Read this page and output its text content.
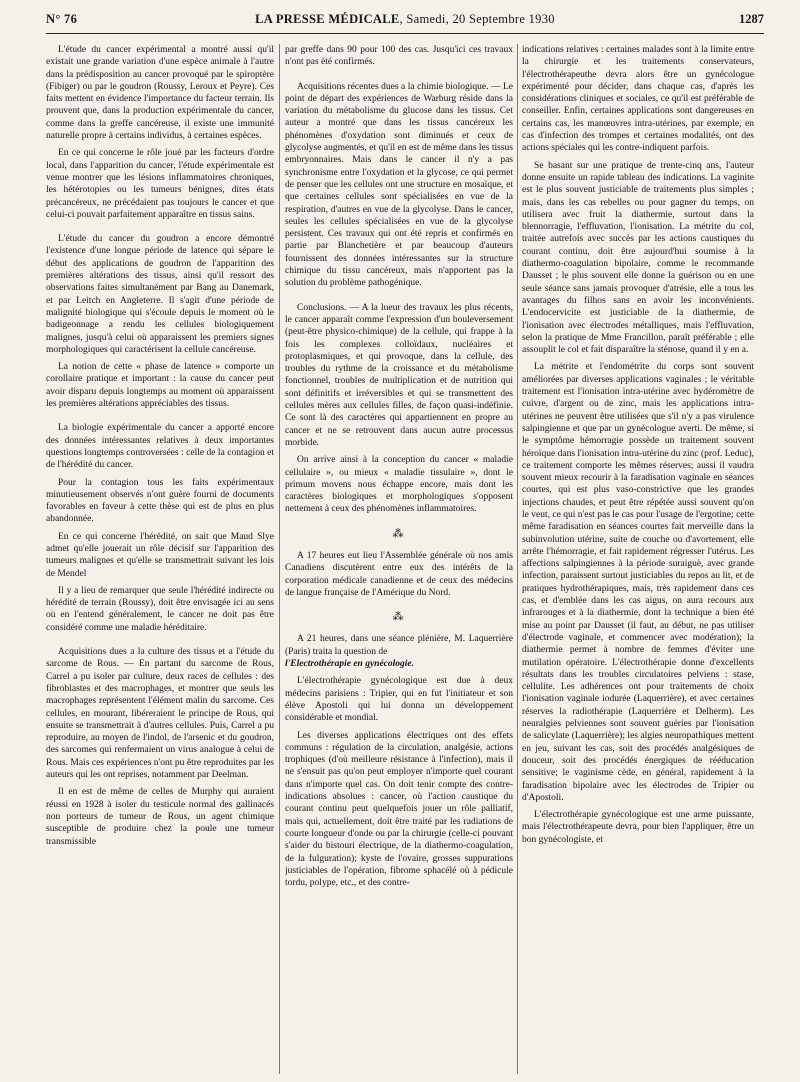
N° 76	LA PRESSE MÉDICALE, Samedi, 20 Septembre 1930	1287

L'étude du cancer expérimental a montré aussi qu'il existait une grande variation d'une espèce animale à l'autre dans la prédisposition au cancer provoqué par le spiroptère (Fibiger) ou par le goudron (Roussy, Leroux et Peyre). Ces faits mettent en évidence l'importance du facteur terrain. Ils prouvent que, dans la production expérimentale du cancer, comme dans la greffe cancéreuse, il existe une immunité naturelle propre à certains individus, à certaines espèces.

En ce qui concerne le rôle joué par les facteurs d'ordre local, dans l'apparition du cancer, l'étude expérimentale est venue montrer que les lésions inflammatoires chroniques, les hétérotopies ou les tumeurs bénignes, dites états précancéreux, ne précédaient pas toujours le cancer et que celui-ci pouvait parfaitement apparaître en tissus sains.

L'étude du cancer du goudron a encore démontré l'existence d'une longue période de latence qui sépare le début des applications de goudron de l'apparition des premières altérations des tissus, ainsi qu'il ressort des observations faites simultanément par Bang au Danemark, et par Leitch en Angleterre. Il s'agit d'une période de malignité biologique qui s'écoule depuis le moment où le badigeonnage a rendu les cellules biologiquement malignes, jusqu'à celui où apparaissent les premiers signes morphologiques qui caractérisent la cellule cancéreuse.

La notion de cette « phase de latence » comporte un corollaire pratique et important : la cause du cancer peut avoir disparu depuis longtemps au moment où apparaissent les premières altérations appréciables des tissus.

La biologie expérimentale du cancer a apporté encore des données intéressantes relatives à deux importantes questions longtemps controversées : celle de la contagion et de l'hérédité du cancer.

Pour la contagion tous les faits expérimentaux minutieusement observés n'ont guère fourni de documents favorables en faveur à cette thèse qui est de plus en plus abandonnée.

En ce qui concerne l'hérédité, on sait que Maud Slye admet qu'elle jouerait un rôle décisif sur l'apparition des tumeurs malignes et qu'elle se transmettrait suivant les lois de Mendel

Il y a lieu de remarquer que seule l'hérédité indirecte ou hérédité de terrain (Roussy), doit être envisagée ici au sens où en l'entend généralement, le cancer ne doit pas être considéré comme une maladie héréditaire.

Acquisitions dues a la culture des tissus et a l'étude du sarcome de Rous. — En partant du sarcome de Rous, Carrel a pu isoler par culture, deux races de cellules : des fibroblastes et des macrophages, et montrer que seuls les macrophages représentent l'élément malin du sarcome. Ces cellules, en mourant, libéreraient le principe de Rous, qui ensuite se transmettrait à d'autres cellules. Puis, Carrel a pu reproduire, au moyen de l'indol, de l'arsenic et du goudron, des sarcomes qui renfermaient un virus analogue à celui de Rous. Mais ces expériences n'ont pu être reproduites par les auteurs qui les ont reprises, notamment par Deelman.

Il en est de même de celles de Murphy qui auraient réussi en 1928 à isoler du testicule normal des gallinacés non porteurs de tumeur de Rous, un agent chimique susceptible de produire chez la poule une tumeur transmissible

par greffe dans 90 pour 100 des cas. Jusqu'ici ces travaux n'ont pas été confirmés.

Acquisitions récentes dues a la chimie biologique. — Le point de départ des expériences de Warburg réside dans la variation du métabolisme du glucose dans les tissus. Cet auteur a montré que dans les tissus cancéreux les phénomènes d'oxydation sont diminués et ceux de glycolyse augmentés, et qu'il en est de même dans les tissus embryonnaires. Mais dans le cancer il n'y a pas synchronisme entre l'oxydation et la glycose, ce qui permet de penser que les cellules ont une structure en mosaïque, et que certaines cellules sont spécialisées en vue de la respiration, d'autres en vue de la glycolyse. Dans le cancer, seules les cellules spécialisées en vue de la glycolyse persistent. Ces travaux qui ont été repris et confirmés en partie par Blanchetière et par beaucoup d'auteurs fournissent des données intéressantes sur la structure chimique du tissu cancéreux, mais n'apportent pas la solution du problème pathogénique.

Conclusions. — A la lueur des travaux les plus récents, le cancer apparaît comme l'expression d'un bouleversement (peut-être physico-chimique) de la cellule, qui frappe à la fois les complexes colloïdaux, nucléaires et protoplasmiques, et qui provoque, dans la cellule, des troubles du rythme de la croissance et du métabolisme fonctionnel, troubles de multiplication et de nutrition qui sont définitifs et irréversibles et qui se transmettent des cellules mères aux cellules filles, de façon quasi-indéfinie. Ce sont là des caractères qui appartiennent en propre au cancer et ne se retrouvent dans aucun autre processus morbide.

On arrive ainsi à la conception du cancer « maladie cellulaire », ou mieux « maladie tissulaire », dont le primum movens nous échappe encore, mais dont les caractères biologiques et morphologiques s'opposent nettement à ceux des phénomènes inflammatoires.

⁂

A 17 heures eut lieu l'Assemblée générale où nos amis Canadiens discutèrent entre eux des intérêts de la corporation médicale canadienne et de ceux des médecins de langue française de l'Amérique du Nord.

⁂

A 21 heures, dans une séance plénière, M. Laquerrière (Paris) traita la question de

l'Electrothérapie en gynécologie.

L'électrothérapie gynécologique est due à deux médecins parisiens : Tripier, qui en fut l'initiateur et son élève Apostoli qui lui donna un développement considérable et mondial.

Les diverses applications électriques ont des effets communs : régulation de la circulation, analgésie, actions trophiques (d'où meilleure résistance à l'infection), mais il ne s'ensuit pas qu'on peut employer n'importe quel courant dans n'importe quel cas. On doit tenir compte des contre-indications absolues : cancer, où l'action caustique du courant continu peut quelquefois jouer un rôle palliatif, mais qui, actuellement, doit être traité par les radiations de courte longueur d'onde ou par la chirurgie (celle-ci pouvant s'aider du bistouri électrique, de la diathermo-coagulation, de la fulguration); kyste de l'ovaire, grosses suppurations justiciables de l'opération, fibrome sphacélé où à pédicule tordu, polype, etc., et des contre-

indications relatives : certaines malades sont à la limite entre la chirurgie et les traitements conservateurs, l'électrothérapeuthe devra alors être un gynécologue expérimenté pour décider, dans chaque cas, d'après les considérations cliniques et sociales, ce qu'il est préférable de conseiller. Enfin, certaines applications sont dangereuses en certains cas, les manœuvres intra-utérines, par exemple, en cas d'infection des trompes et certaines modalités, ont des actions spéciales qui les contre-indiquent parfois.

Se basant sur une pratique de trente-cinq ans, l'auteur donne ensuite un rapide tableau des indications. La vaginite est le plus souvent justiciable de traitements plus simples ; mais, dans les cas rebelles ou pour gagner du temps, on utilisera avec fruit la diathermie, surtout dans la blennorragie, l'effluvation, l'ionisation. La métrite du col, traitée autrefois avec succès par les actions caustiques du courant continu, doit être aujourd'hui soumise à la diathermo-coagulation bipolaire, comme le recommande Dausset ; le plus souvent elle donne la guérison ou en une seule séance sans jamais provoquer d'atrésie, elle a tous les avantages du filhos sans en avoir les inconvénients. L'endocervicite est justiciable de la diathermie, de l'ionisation avec électrodes métalliques, mais l'effluvation, selon la pratique de Mme Francillon, paraît préférable ; elle assouplit le col et fait disparaître la sténose, quand il y en a.

La métrite et l'endométrite du corps sont souvent améliorées par diverses applications vaginales ; le véritable traitement est l'ionisation intra-utérine avec hydéromètre de cuivre, d'argent ou de zinc, mais les applications intra-utérines ne peuvent être utilisées que s'il n'y a pas virulence salpingienne et que par un gynécologue averti. De même, si le symptôme hémorragie possède un traitement souvent héroïque dans l'ionisation intra-utérine du zinc (prof. Leduc), ce traitement comporte les mêmes réserves; aussi il vaudra souvent mieux recourir à la faradisation vaginale en séances courtes, qui est plus vaso-constrictive que les grandes injections chaudes, et peut être répétée aussi souvent qu'on le veut, ce qui n'est pas le cas pour l'usage de l'ergotine; cette même faradisation en séances courtes fait merveille dans la subinvolution utérine, suite de couche ou d'avortement, elle arrête l'hémorragie, et fait rapidement régresser l'utérus. Les affections salpingiennes à la période suraiguë, avec grande infection, paraissent surtout justiciables du repos au lit, et de pratiques hydrothérapiques, mais, très rapidement dans ces cas, et d'emblée dans les cas aigus, on aura recours aux infrarouges et à la diathermie, dont la technique a bien été mise au point par Dausset (il faut, au début, ne pas utiliser d'électrode vaginale, et commencer avec modération); la diathermie permet à nombre de femmes d'éviter une mutilation opératoire. L'électrothérapie donne d'excellents résultats dans les troubles circulatoires pelviens : stase, cellulite. Les adhérences ont pour traitements de choix l'ionisation vaginale iodurée (Laquerrière), et avec certaines réserves la radiothérapie (Laquerrière et Delherm). Les neuralgies pelviennes sont souvent guéries par l'ionisation de salicylate (Laquerrière); les algies neuropathiques mettent en jeu, suivant les cas, soit des procédés analgésiques de douceur, soit des procédés énergiques de rééducation sensitive; le vaginisme cède, en général, rapidement à la faradisation bipolaire avec les électrodes de Tripier ou d'Apostoli.

L'électrothérapie gynécologique est une arme puissante, mais l'électrothérapeute devra, pour bien l'appliquer, être un bon gynécologiste, et
